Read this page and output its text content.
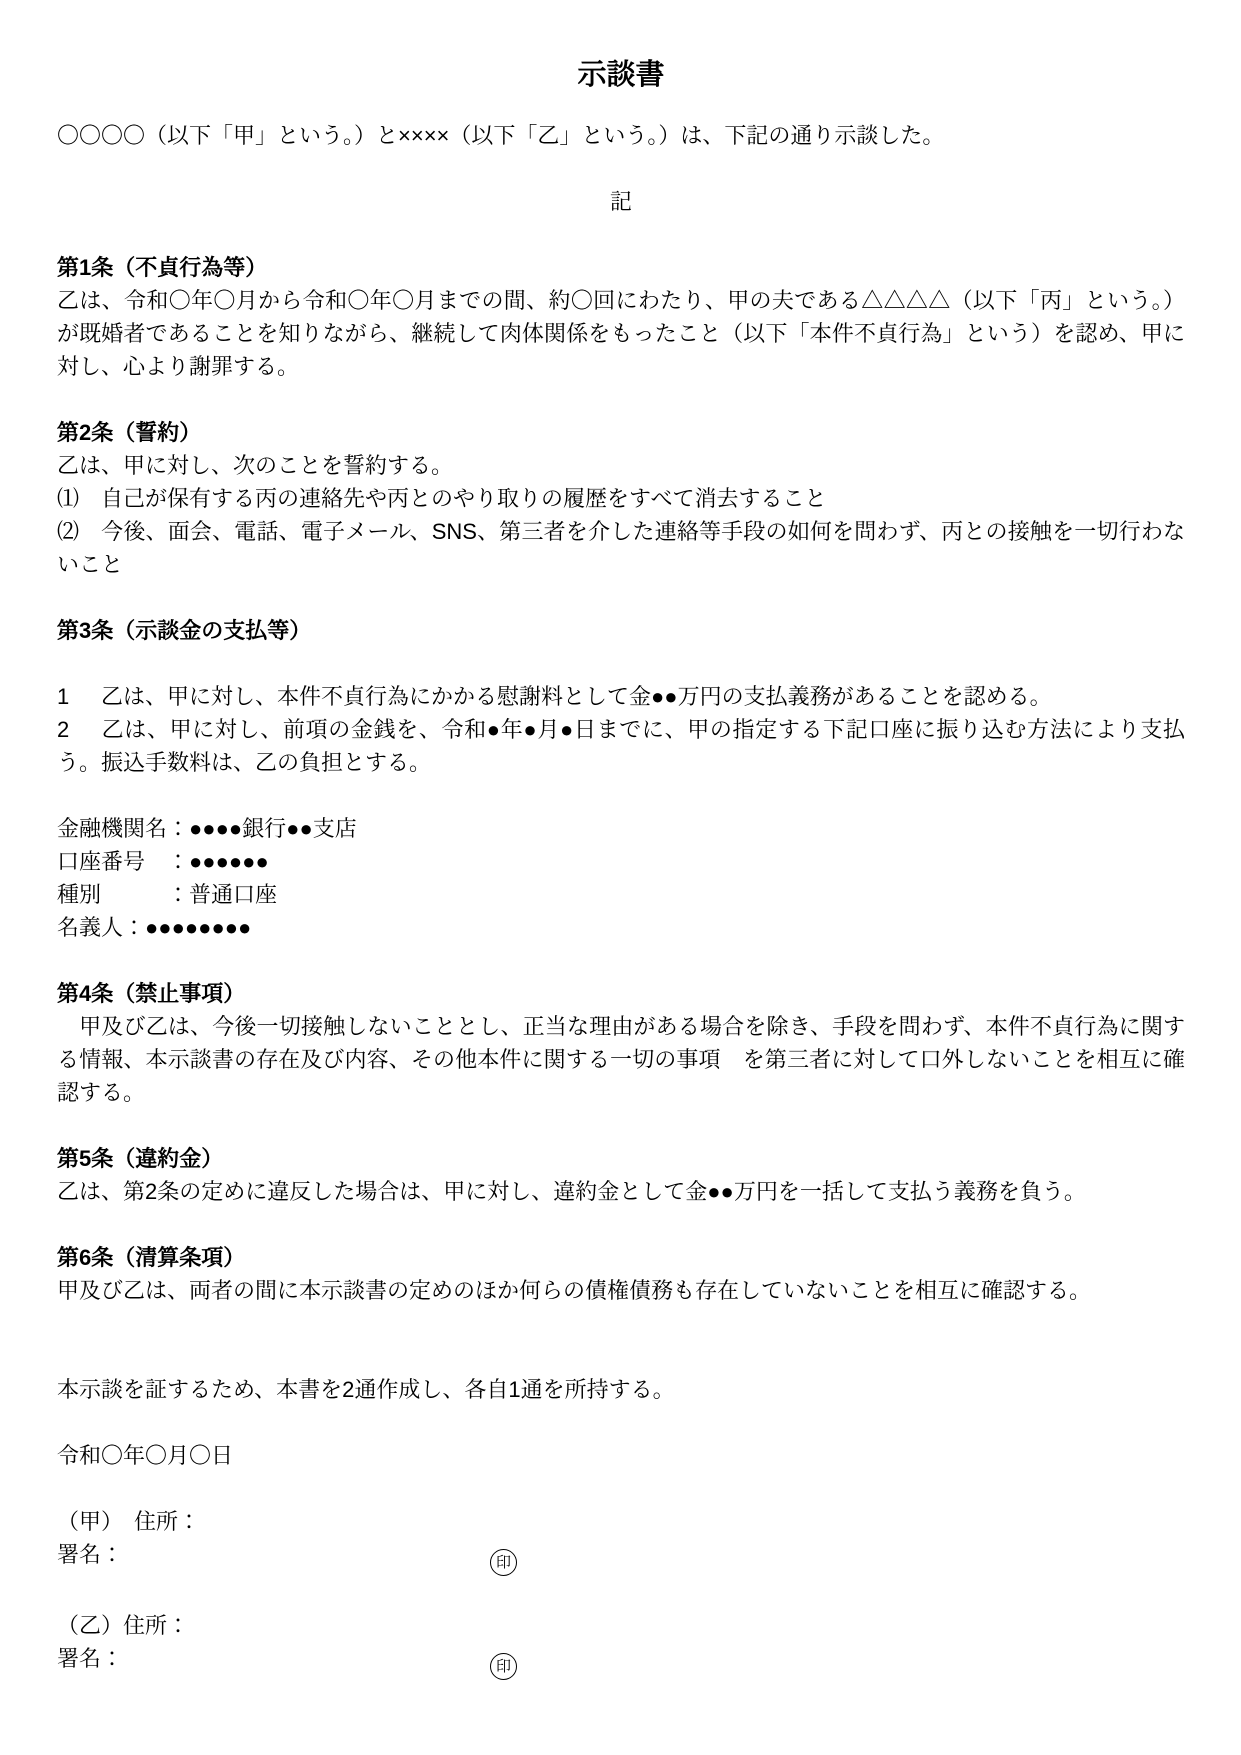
示談書

〇〇〇〇（以下「甲」という。）と××××（以下「乙」という。）は、下記の通り示談した。

記

第1条（不貞行為等）

乙は、令和〇年〇月から令和〇年〇月までの間、約〇回にわたり、甲の夫である△△△△（以下「丙」という。）が既婚者であることを知りながら、継続して肉体関係をもったこと（以下「本件不貞行為」という）を認め、甲に対し、心より謝罪する。

第2条（誓約）

乙は、甲に対し、次のことを誓約する。

⑴ 自己が保有する丙の連絡先や丙とのやり取りの履歴をすべて消去すること

⑵ 今後、面会、電話、電子メール、SNS、第三者を介した連絡等手段の如何を問わず、丙との接触を一切行わないこと

第3条（示談金の支払等）

1 乙は、甲に対し、本件不貞行為にかかる慰謝料として金●●万円の支払義務があることを認める。

2 乙は、甲に対し、前項の金銭を、令和●年●月●日までに、甲の指定する下記口座に振り込む方法により支払う。振込手数料は、乙の負担とする。

金融機関名：●●●●銀行●●支店

口座番号　：●●●●●●

種別　　　：普通口座

名義人：●●●●●●●●

第4条（禁止事項）

　甲及び乙は、今後一切接触しないこととし、正当な理由がある場合を除き、手段を問わず、本件不貞行為に関する情報、本示談書の存在及び内容、その他本件に関する一切の事項　を第三者に対して口外しないことを相互に確認する。

第5条（違約金）

乙は、第2条の定めに違反した場合は、甲に対し、違約金として金●●万円を一括して支払う義務を負う。

第6条（清算条項）

甲及び乙は、両者の間に本示談書の定めのほか何らの債権債務も存在していないことを相互に確認する。

本示談を証するため、本書を2通作成し、各自1通を所持する。

令和〇年〇月〇日

（甲）　住所：

署名：	印

（乙）住所：

署名：	印
